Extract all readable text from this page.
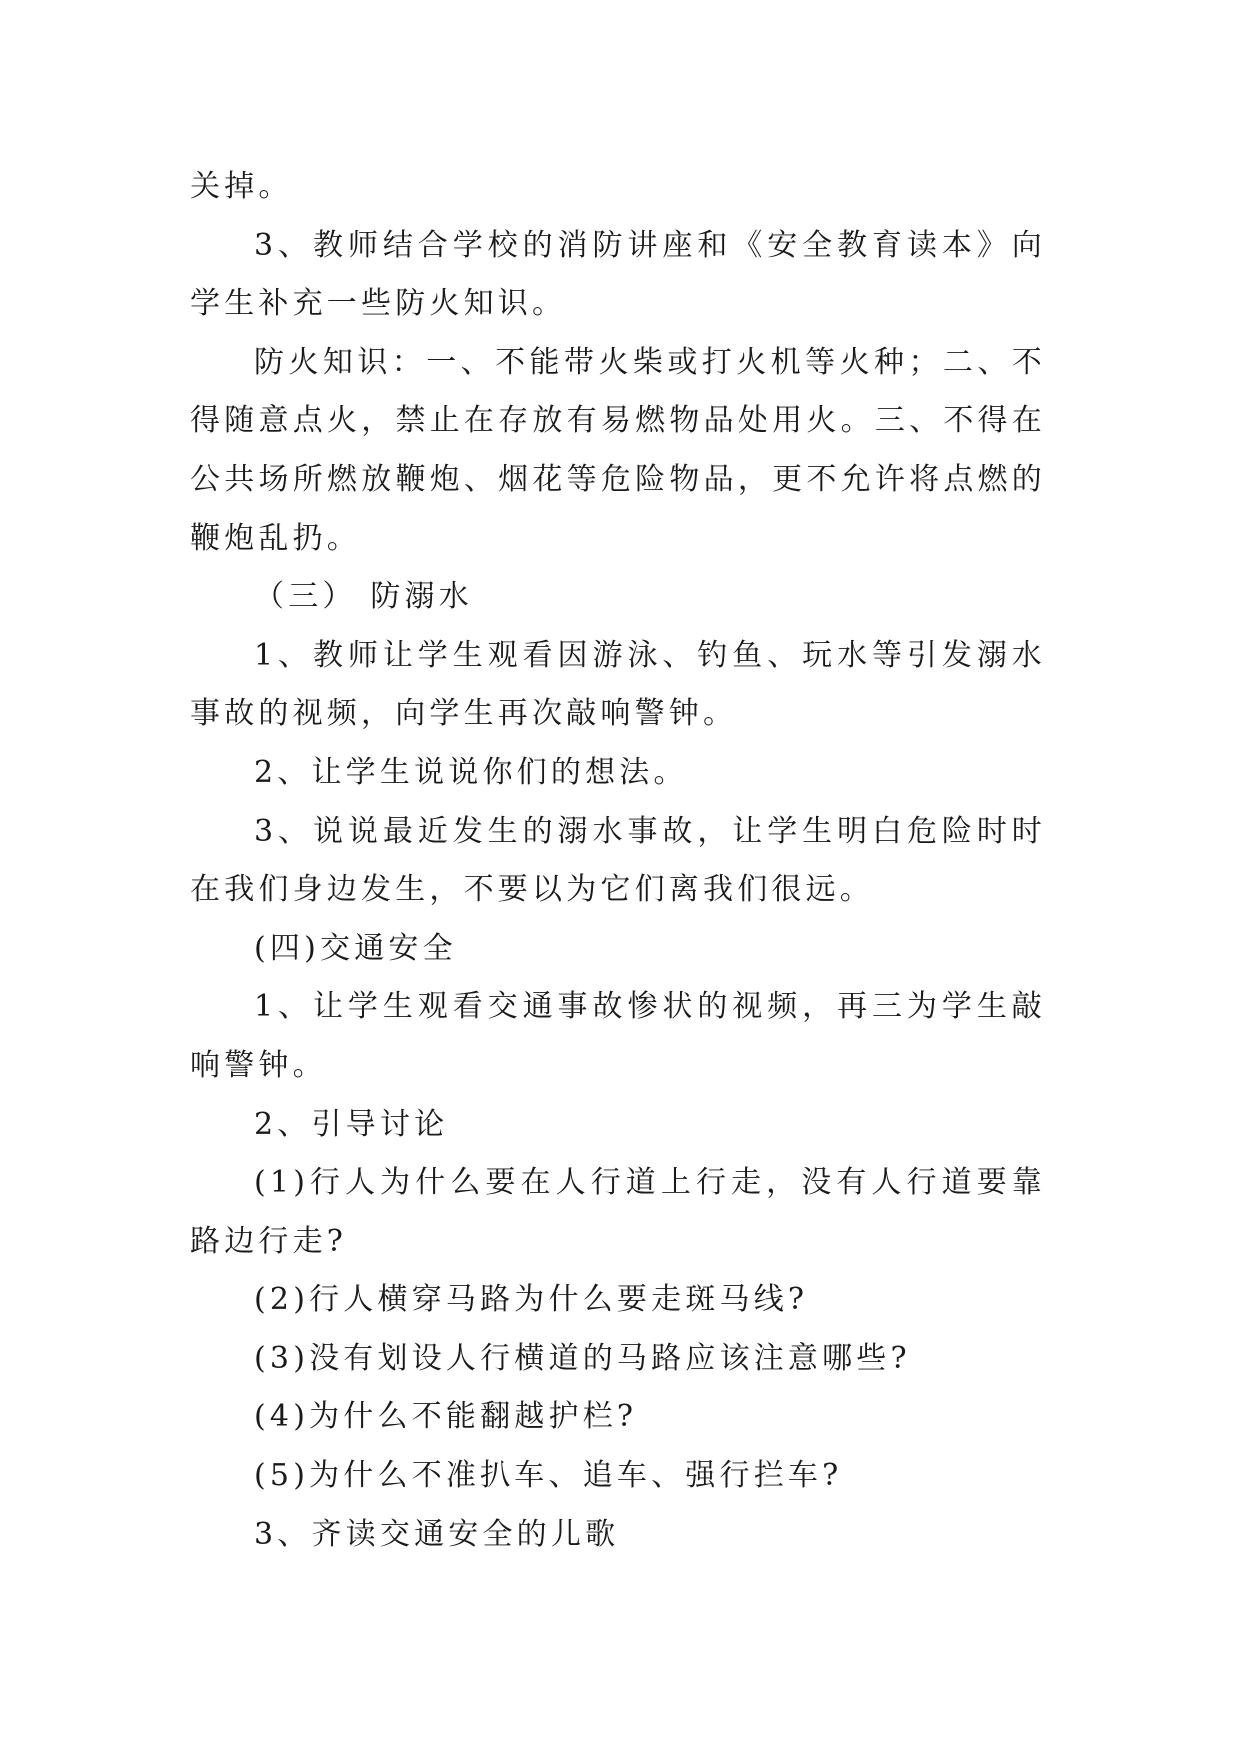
关掉。

3、教师结合学校的消防讲座和《安全教育读本》向学生补充一些防火知识。

防火知识：一、不能带火柴或打火机等火种；二、不得随意点火，禁止在存放有易燃物品处用火。三、不得在公共场所燃放鞭炮、烟花等危险物品，更不允许将点燃的鞭炮乱扔。

（三） 防溺水

1、教师让学生观看因游泳、钓鱼、玩水等引发溺水事故的视频，向学生再次敲响警钟。

2、让学生说说你们的想法。

3、说说最近发生的溺水事故，让学生明白危险时时在我们身边发生，不要以为它们离我们很远。

(四)交通安全

1、让学生观看交通事故惨状的视频，再三为学生敲响警钟。

2、引导讨论

(1)行人为什么要在人行道上行走，没有人行道要靠路边行走?

(2)行人横穿马路为什么要走斑马线?

(3)没有划设人行横道的马路应该注意哪些?

(4)为什么不能翻越护栏?

(5)为什么不准扒车、追车、强行拦车?

3、齐读交通安全的儿歌
